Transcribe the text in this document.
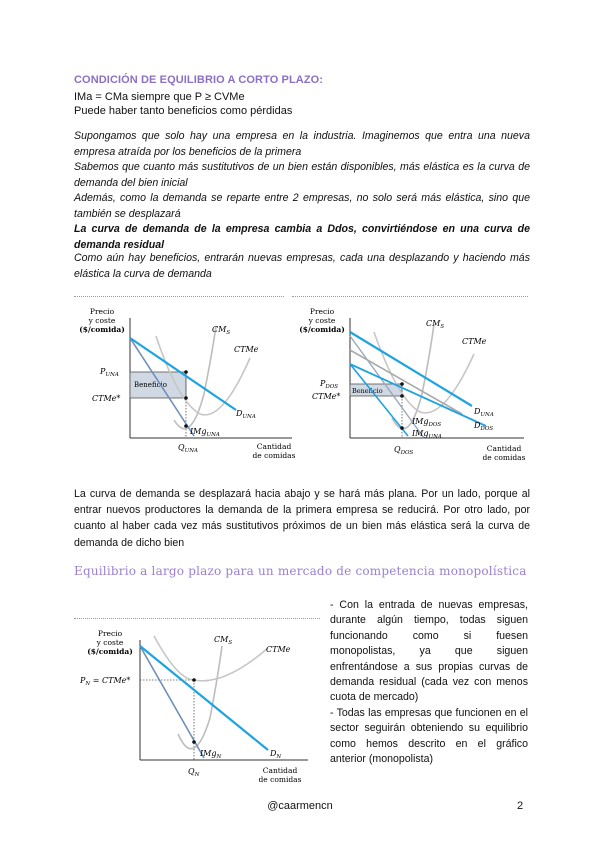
CONDICIÓN DE EQUILIBRIO A CORTO PLAZO:
IMa = CMa siempre que P ≥ CVMe
Puede haber tanto beneficios como pérdidas
Supongamos que solo hay una empresa en la industria. Imaginemos que entra una nueva empresa atraída por los beneficios de la primera
Sabemos que cuanto más sustitutivos de un bien están disponibles, más elástica es la curva de demanda del bien inicial
Además, como la demanda se reparte entre 2 empresas, no solo será más elástica, sino que también se desplazará
La curva de demanda de la empresa cambia a Ddos, convirtiéndose en una curva de demanda residual
Como aún hay beneficios, entrarán nuevas empresas, cada una desplazando y haciendo más elástica la curva de demanda
Precio
y coste
($/comida)
Cantidad
de comidas
Beneficio
$CM_S$
CTMe
$P_{UNA}$
CTMe*
$D_{UNA}$
IMg$_{UNA}$
$Q_{UNA}$
Precio
y coste
($/comida)
Cantidad
de comidas
Beneficio
$CM_S$
CTMe
$P_{DOS}$
CTMe*
$D_{UNA}$
$D_{DOS}$
IMg$_{DOS}$
IMg$_{UNA}$
$Q_{DOS}$
La curva de demanda se desplazará hacia abajo y se hará más plana. Por un lado, porque al entrar nuevos productores la demanda de la primera empresa se reducirá. Por otro lado, por cuanto al haber cada vez más sustitutivos próximos de un bien más elástica será la curva de demanda de dicho bien
Equilibrio a largo plazo para un mercado de competencia monopolística
Precio
y coste
($/comida)
Cantidad
de comidas
$CM_S$
CTMe
$P_N$ = CTMe*
$D_N$
IMg$_N$
$Q_N$

- Con la entrada de nuevas empresas, durante algún tiempo, todas siguen funcionando como si fuesen monopolistas, ya que siguen enfrentándose a sus propias curvas de demanda residual (cada vez con menos cuota de mercado)

- Todas las empresas que funcionen en el sector seguirán obteniendo su equilibrio como hemos descrito en el gráfico anterior (monopolista)

@caarmencn	2
